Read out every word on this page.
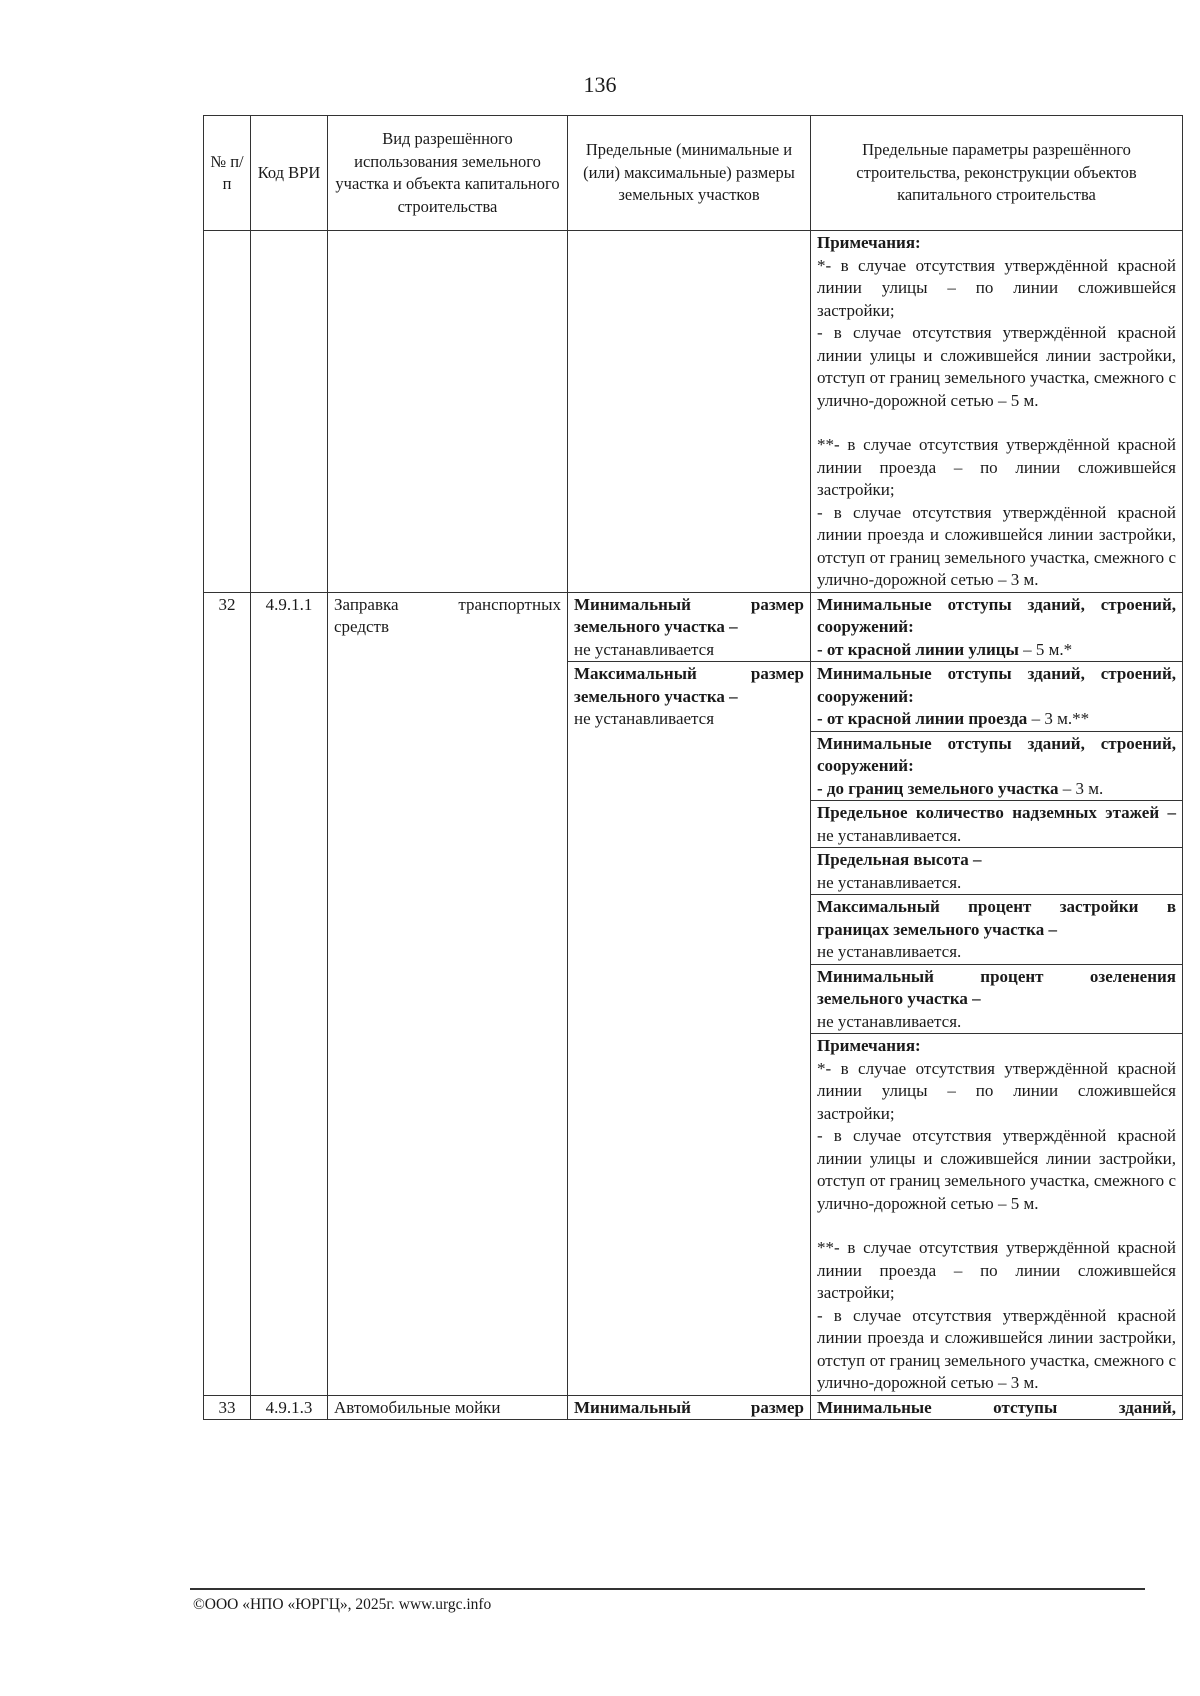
136
№ п/п	Код ВРИ	Вид разрешённого использования земельного участка и объекта капитального строительства	Предельные (минимальные и (или) максимальные) размеры земельных участков	Предельные параметры разрешённого строительства, реконструкции объектов капитального строительства

				Примечания:
*- в случае отсутствия утверждённой красной линии улицы – по линии сложившейся застройки;
- в случае отсутствия утверждённой красной линии улицы и сложившейся линии застройки, отступ от границ земельного участка, смежного с улично-дорожной сетью – 5 м.
**- в случае отсутствия утверждённой красной линии проезда – по линии сложившейся застройки;
- в случае отсутствия утверждённой красной линии проезда и сложившейся линии застройки, отступ от границ земельного участка, смежного с улично-дорожной сетью – 3 м.

32	4.9.1.1	Заправка транспортных средств	Минимальный размер земельного участка –
не устанавливается	Минимальные отступы зданий, строений, сооружений:
- от красной линии улицы – 5 м.*
			Максимальный размер земельного участка –
не устанавливается	Минимальные отступы зданий, строений, сооружений:
- от красной линии проезда – 3 м.**
				Минимальные отступы зданий, строений, сооружений:
- до границ земельного участка – 3 м.
				Предельное количество надземных этажей – не устанавливается.

				Предельная высота –
не устанавливается.

				Максимальный процент застройки в границах земельного участка –
не устанавливается.

				Минимальный процент озеленения земельного участка –
не устанавливается.

				Примечания:
*- в случае отсутствия утверждённой красной линии улицы – по линии сложившейся застройки;
- в случае отсутствия утверждённой красной линии улицы и сложившейся линии застройки, отступ от границ земельного участка, смежного с улично-дорожной сетью – 5 м.
**- в случае отсутствия утверждённой красной линии проезда – по линии сложившейся застройки;
- в случае отсутствия утверждённой красной линии проезда и сложившейся линии застройки, отступ от границ земельного участка, смежного с улично-дорожной сетью – 3 м.

33	4.9.1.3	Автомобильные мойки	Минимальный размер	Минимальные отступы зданий,
©ООО «НПО «ЮРГЦ», 2025г. www.urgc.info
